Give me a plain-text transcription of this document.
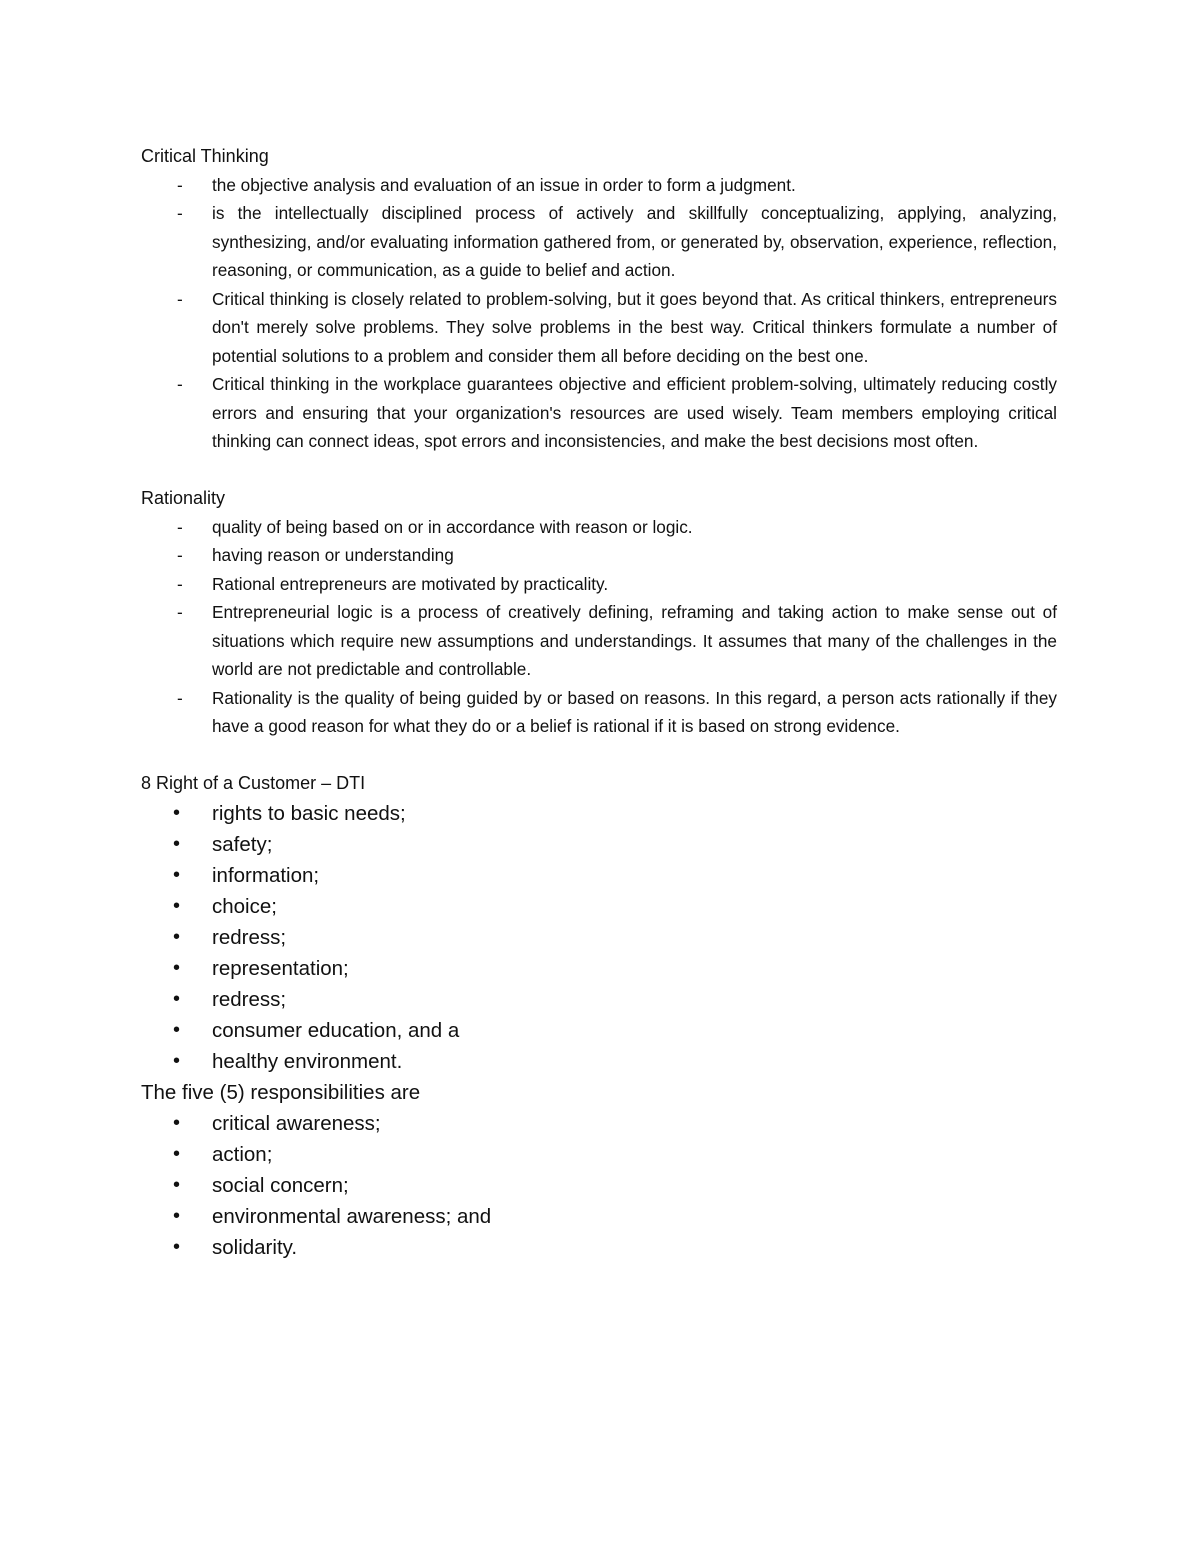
Critical Thinking

- the objective analysis and evaluation of an issue in order to form a judgment.
- is the intellectually disciplined process of actively and skillfully conceptualizing, applying, analyzing, synthesizing, and/or evaluating information gathered from, or generated by, observation, experience, reflection, reasoning, or communication, as a guide to belief and action.
- Critical thinking is closely related to problem-solving, but it goes beyond that. As critical thinkers, entrepreneurs don't merely solve problems. They solve problems in the best way. Critical thinkers formulate a number of potential solutions to a problem and consider them all before deciding on the best one.
- Critical thinking in the workplace guarantees objective and efficient problem-solving, ultimately reducing costly errors and ensuring that your organization's resources are used wisely. Team members employing critical thinking can connect ideas, spot errors and inconsistencies, and make the best decisions most often.

Rationality

- quality of being based on or in accordance with reason or logic.
- having reason or understanding
- Rational entrepreneurs are motivated by practicality.
- Entrepreneurial logic is a process of creatively defining, reframing and taking action to make sense out of situations which require new assumptions and understandings. It assumes that many of the challenges in the world are not predictable and controllable.
- Rationality is the quality of being guided by or based on reasons. In this regard, a person acts rationally if they have a good reason for what they do or a belief is rational if it is based on strong evidence.

8 Right of a Customer – DTI

• rights to basic needs;
• safety;
• information;
• choice;
• redress;
• representation;
• redress;
• consumer education, and a
• healthy environment.

The five (5) responsibilities are

• critical awareness;
• action;
• social concern;
• environmental awareness; and
• solidarity.
